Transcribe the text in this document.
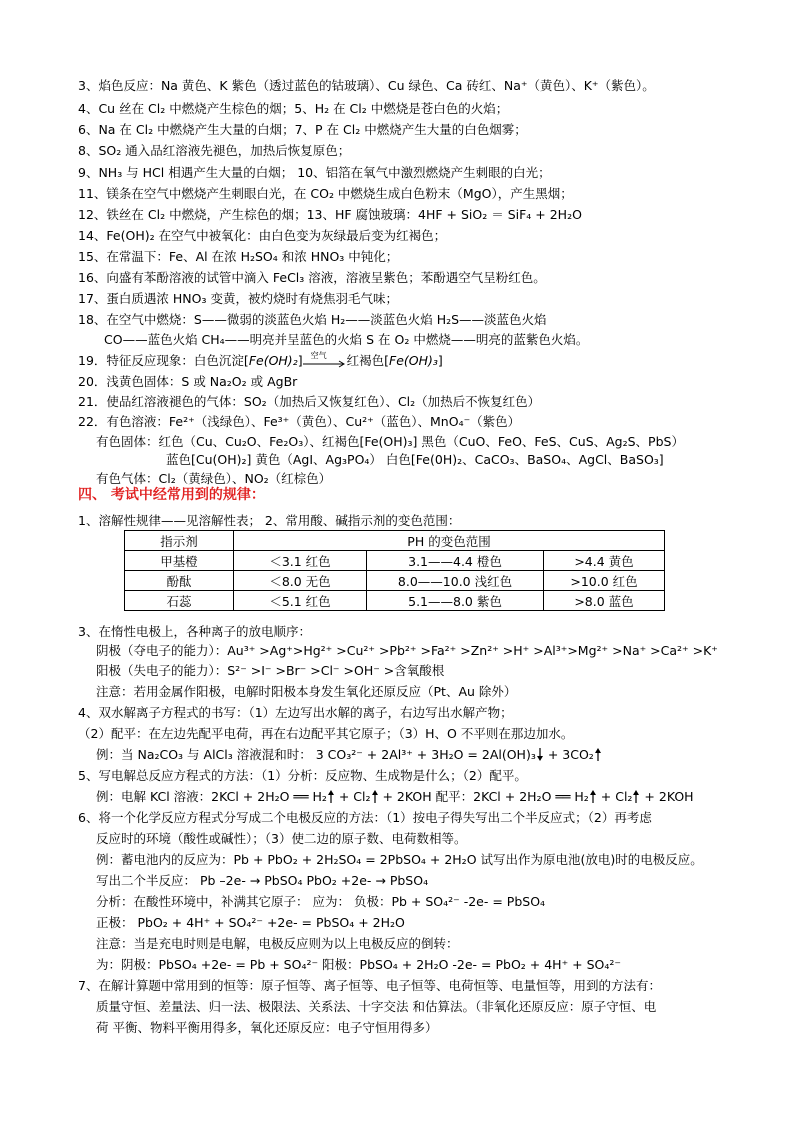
3、焰色反应：Na 黄色、K 紫色（透过蓝色的钴玻璃）、Cu 绿色、Ca 砖红、Na⁺（黄色）、K⁺（紫色）。
4、Cu 丝在 Cl₂ 中燃烧产生棕色的烟；5、H₂ 在 Cl₂ 中燃烧是苍白色的火焰；
6、Na 在 Cl₂ 中燃烧产生大量的白烟；7、P 在 Cl₂ 中燃烧产生大量的白色烟雾；
8、SO₂ 通入品红溶液先褪色，加热后恢复原色；
9、NH₃ 与 HCl 相遇产生大量的白烟； 10、铝箔在氧气中激烈燃烧产生刺眼的白光；
11、镁条在空气中燃烧产生刺眼白光，在 CO₂ 中燃烧生成白色粉末（MgO），产生黑烟；
12、铁丝在 Cl₂ 中燃烧，产生棕色的烟；13、HF 腐蚀玻璃：4HF + SiO₂ ＝ SiF₄ + 2H₂O
14、Fe(OH)₂ 在空气中被氧化：由白色变为灰绿最后变为红褐色；
15、在常温下：Fe、Al 在浓 H₂SO₄ 和浓 HNO₃ 中钝化；
16、向盛有苯酚溶液的试管中滴入 FeCl₃ 溶液，溶液呈紫色；苯酚遇空气呈粉红色。
17、蛋白质遇浓 HNO₃ 变黄，被灼烧时有烧焦羽毛气味；
18、在空气中燃烧：S——微弱的淡蓝色火焰 H₂——淡蓝色火焰 H₂S——淡蓝色火焰
CO——蓝色火焰 CH₄——明亮并呈蓝色的火焰 S 在 O₂ 中燃烧——明亮的蓝紫色火焰。
19．特征反应现象：白色沉淀[Fe(OH)₂] 空气 红褐色[Fe(OH)₃]
20．浅黄色固体：S 或 Na₂O₂ 或 AgBr
21．使品红溶液褪色的气体：SO₂（加热后又恢复红色）、Cl₂（加热后不恢复红色）
22．有色溶液：Fe²⁺（浅绿色）、Fe³⁺（黄色）、Cu²⁺（蓝色）、MnO₄⁻（紫色）
有色固体：红色（Cu、Cu₂O、Fe₂O₃）、红褐色[Fe(OH)₃] 黑色（CuO、FeO、FeS、CuS、Ag₂S、PbS）
蓝色[Cu(OH)₂] 黄色（AgI、Ag₃PO₄） 白色[Fe(0H)₂、CaCO₃、BaSO₄、AgCl、BaSO₃]
有色气体：Cl₂（黄绿色）、NO₂（红棕色）
四、 考试中经常用到的规律：
1、溶解性规律——见溶解性表； 2、常用酸、碱指示剂的变色范围：
指示剂	PH 的变色范围		
甲基橙	＜3.1 红色	3.1——4.4 橙色	>4.4 黄色
酚酞	＜8.0 无色	8.0——10.0 浅红色	>10.0 红色
石蕊	＜5.1 红色	5.1——8.0 紫色	>8.0 蓝色
3、在惰性电极上，各种离子的放电顺序：
阴极（夺电子的能力）：Au³⁺ >Ag⁺>Hg²⁺ >Cu²⁺ >Pb²⁺ >Fa²⁺ >Zn²⁺ >H⁺ >Al³⁺>Mg²⁺ >Na⁺ >Ca²⁺ >K⁺
阳极（失电子的能力）：S²⁻ >I⁻ >Br⁻ >Cl⁻ >OH⁻ >含氧酸根
注意：若用金属作阳极，电解时阳极本身发生氧化还原反应（Pt、Au 除外）
4、双水解离子方程式的书写：（1）左边写出水解的离子，右边写出水解产物；
（2）配平：在左边先配平电荷，再在右边配平其它原子；（3）H、O 不平则在那边加水。
例：当 Na₂CO₃ 与 AlCl₃ 溶液混和时： 3 CO₃²⁻ + 2Al³⁺ + 3H₂O = 2Al(OH)₃ + 3CO₂
5、写电解总反应方程式的方法：（1）分析：反应物、生成物是什么；（2）配平。
例：电解 KCl 溶液：2KCl + 2H₂O ══ H₂ + Cl₂ + 2KOH 配平：2KCl + 2H₂O ══ H₂ + Cl₂ + 2KOH
6、将一个化学反应方程式分写成二个电极反应的方法：（1）按电子得失写出二个半反应式；（2）再考虑
反应时的环境（酸性或碱性）；（3）使二边的原子数、电荷数相等。
例：蓄电池内的反应为：Pb + PbO₂ + 2H₂SO₄ = 2PbSO₄ + 2H₂O 试写出作为原电池(放电)时的电极反应。
写出二个半反应： Pb –2e- → PbSO₄ PbO₂ +2e- → PbSO₄
分析：在酸性环境中，补满其它原子： 应为： 负极：Pb + SO₄²⁻ -2e- = PbSO₄
正极： PbO₂ + 4H⁺ + SO₄²⁻ +2e- = PbSO₄ + 2H₂O
注意：当是充电时则是电解，电极反应则为以上电极反应的倒转：
为：阴极：PbSO₄ +2e- = Pb + SO₄²⁻ 阳极：PbSO₄ + 2H₂O -2e- = PbO₂ + 4H⁺ + SO₄²⁻
7、在解计算题中常用到的恒等：原子恒等、离子恒等、电子恒等、电荷恒等、电量恒等，用到的方法有：
质量守恒、差量法、归一法、极限法、关系法、十字交法 和估算法。（非氧化还原反应：原子守恒、电
荷 平衡、物料平衡用得多，氧化还原反应：电子守恒用得多）
